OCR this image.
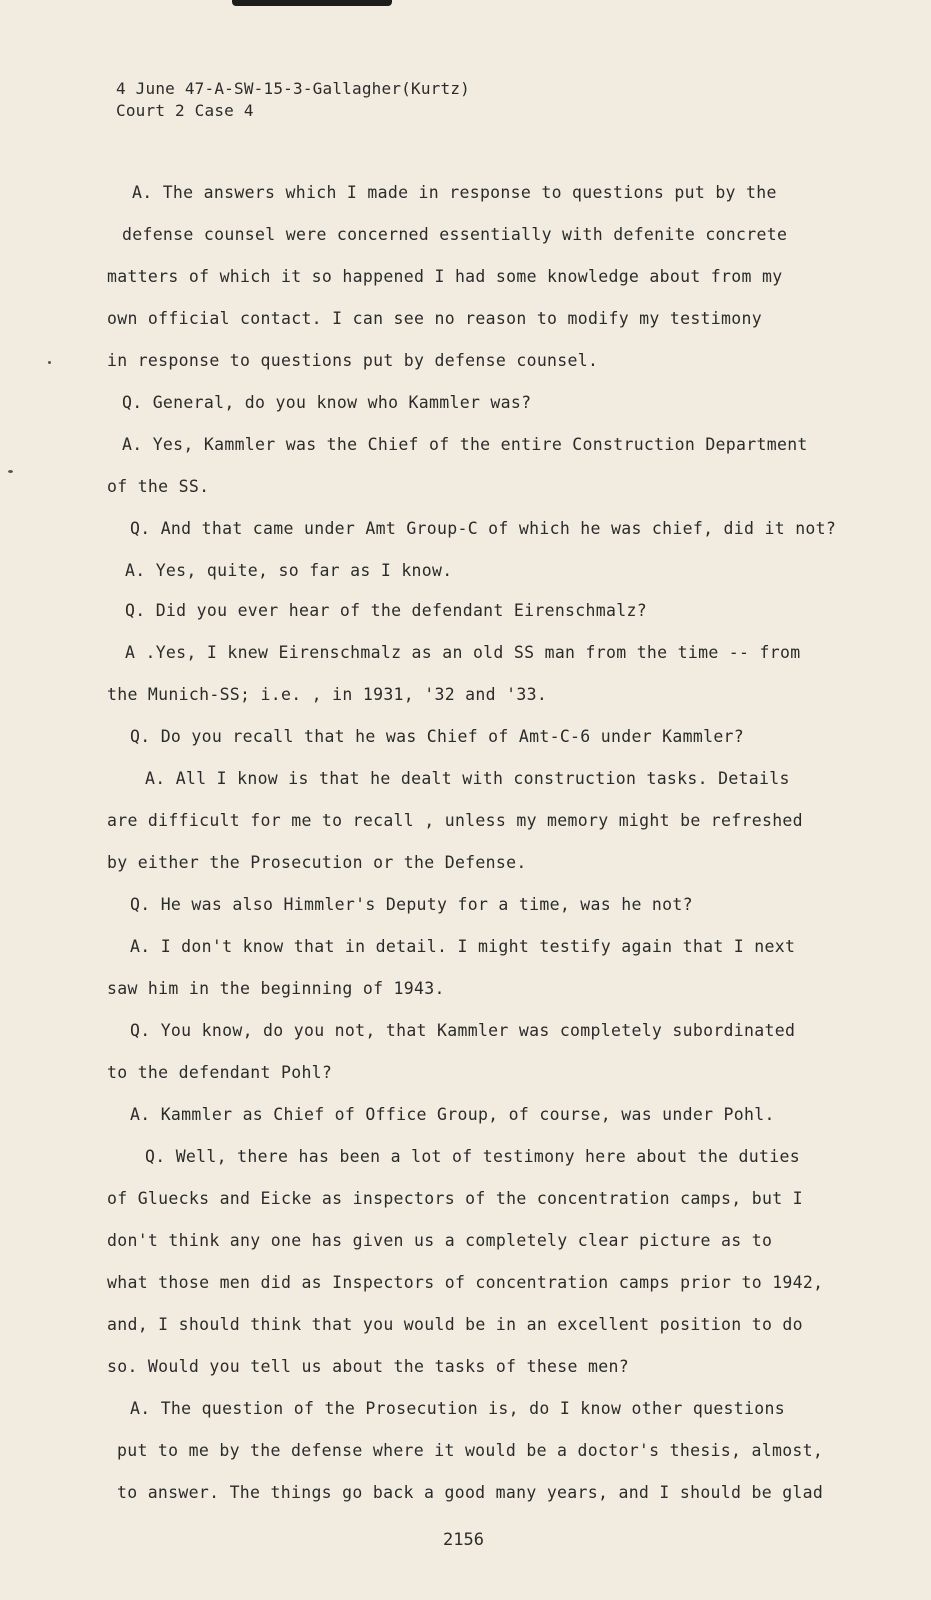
4 June 47-A-SW-15-3-Gallagher(Kurtz)
Court 2 Case 4
A. The answers which I made in response to questions put by the
defense counsel were concerned essentially with defenite concrete
matters of which it so happened I had some knowledge about from my
own official contact. I can see no reason to modify my testimony
in response to questions put by defense counsel.
Q. General, do you know who Kammler was?
A. Yes, Kammler was the Chief of the entire Construction Department
of the SS.
Q. And that came under Amt Group-C of which he was chief, did it not?
A. Yes, quite, so far as I know.
Q. Did you ever hear of the defendant Eirenschmalz?
A .Yes, I knew Eirenschmalz as an old SS man from the time -- from
the Munich-SS; i.e. , in 1931, '32 and '33.
Q. Do you recall that he was Chief of Amt-C-6 under Kammler?
A. All I know is that he dealt with construction tasks. Details
are difficult for me to recall , unless my memory might be refreshed
by either the Prosecution or the Defense.
Q. He was also Himmler's Deputy for a time, was he not?
A. I don't know that in detail. I might testify again that I next
saw him in the beginning of 1943.
Q. You know, do you not, that Kammler was completely subordinated
to the defendant Pohl?
A. Kammler as Chief of Office Group, of course, was under Pohl.
Q. Well, there has been a lot of testimony here about the duties
of Gluecks and Eicke as inspectors of the concentration camps, but I
don't think any one has given us a completely clear picture as to
what those men did as Inspectors of concentration camps prior to 1942,
and, I should think that you would be in an excellent position to do
so. Would you tell us about the tasks of these men?
A. The question of the Prosecution is, do I know other questions
put to me by the defense where it would be a doctor's thesis, almost,
to answer. The things go back a good many years, and I should be glad
2156
